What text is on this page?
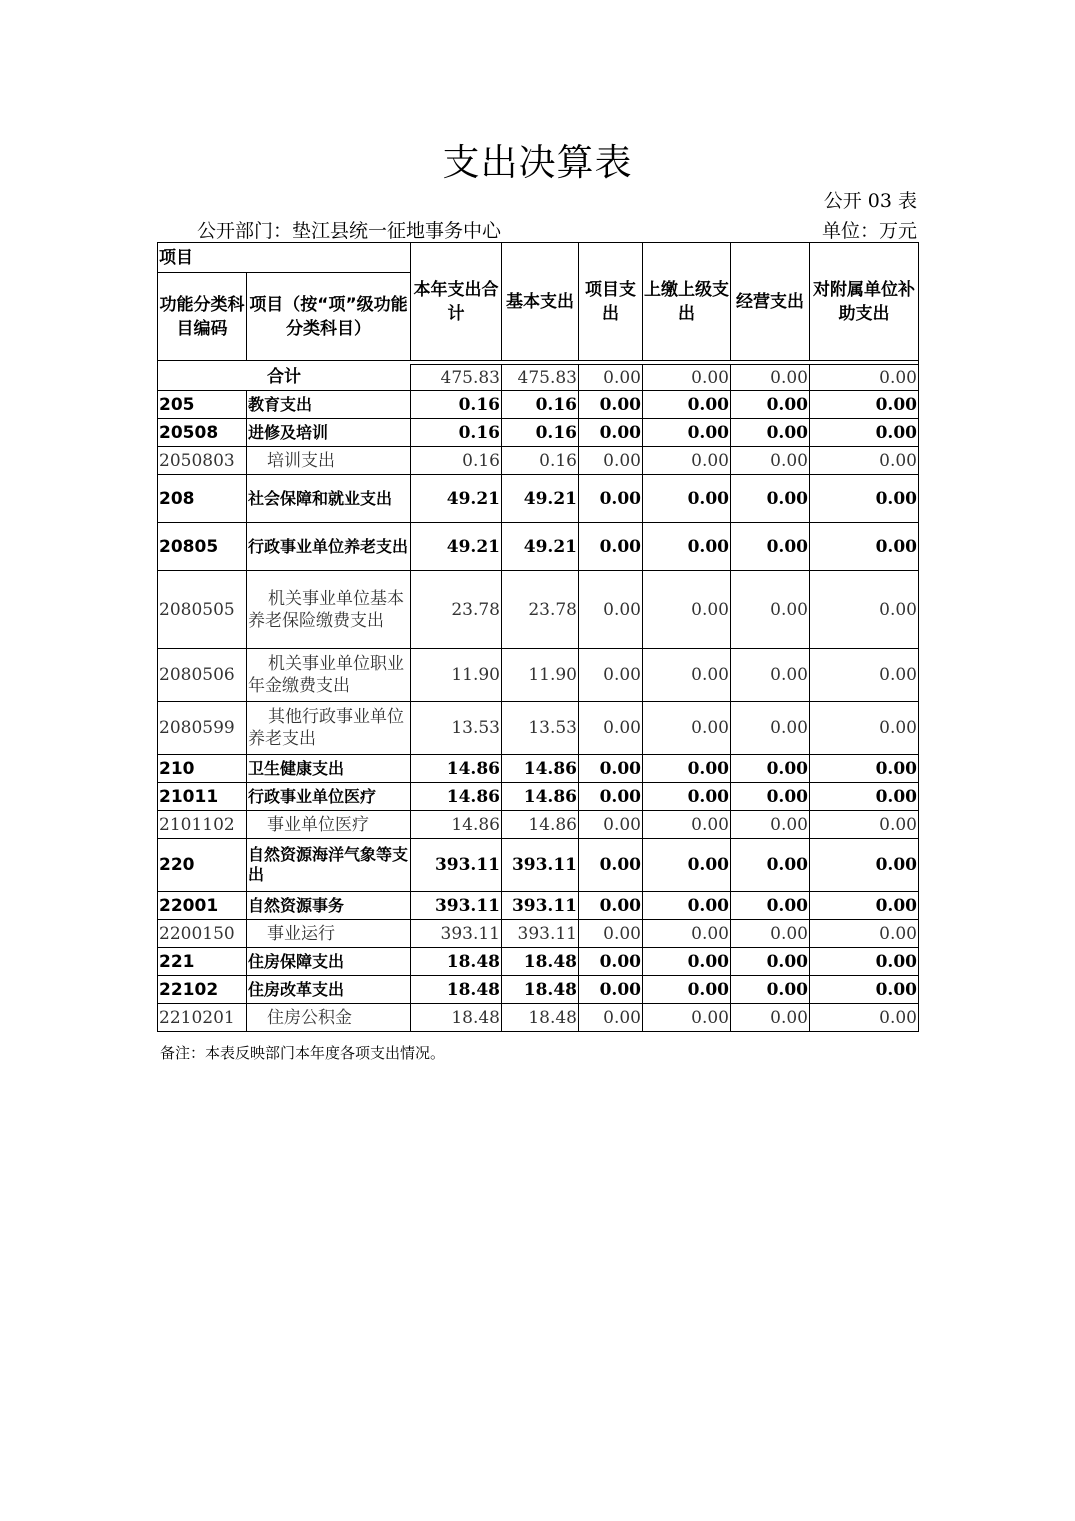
支出决算表
公开 03 表
公开部门：垫江县统一征地事务中心	单位：万元
项目		本年支出合计	基本支出	项目支出	上缴上级支出	经营支出	对附属单位补助支出
功能分类科目编码	项目（按“项”级功能分类科目）						

合计		475.83	475.83	0.00	0.00	0.00	0.00
205	教育支出	0.16	0.16	0.00	0.00	0.00	0.00
20508	进修及培训	0.16	0.16	0.00	0.00	0.00	0.00
2050803	培训支出	0.16	0.16	0.00	0.00	0.00	0.00
208	社会保障和就业支出	49.21	49.21	0.00	0.00	0.00	0.00
20805	行政事业单位养老支出	49.21	49.21	0.00	0.00	0.00	0.00
2080505	机关事业单位基本养老保险缴费支出	23.78	23.78	0.00	0.00	0.00	0.00
2080506	机关事业单位职业年金缴费支出	11.90	11.90	0.00	0.00	0.00	0.00
2080599	其他行政事业单位养老支出	13.53	13.53	0.00	0.00	0.00	0.00
210	卫生健康支出	14.86	14.86	0.00	0.00	0.00	0.00
21011	行政事业单位医疗	14.86	14.86	0.00	0.00	0.00	0.00
2101102	事业单位医疗	14.86	14.86	0.00	0.00	0.00	0.00
220	自然资源海洋气象等支出	393.11	393.11	0.00	0.00	0.00	0.00
22001	自然资源事务	393.11	393.11	0.00	0.00	0.00	0.00
2200150	事业运行	393.11	393.11	0.00	0.00	0.00	0.00
221	住房保障支出	18.48	18.48	0.00	0.00	0.00	0.00
22102	住房改革支出	18.48	18.48	0.00	0.00	0.00	0.00
2210201	住房公积金	18.48	18.48	0.00	0.00	0.00	0.00
备注：本表反映部门本年度各项支出情况。
